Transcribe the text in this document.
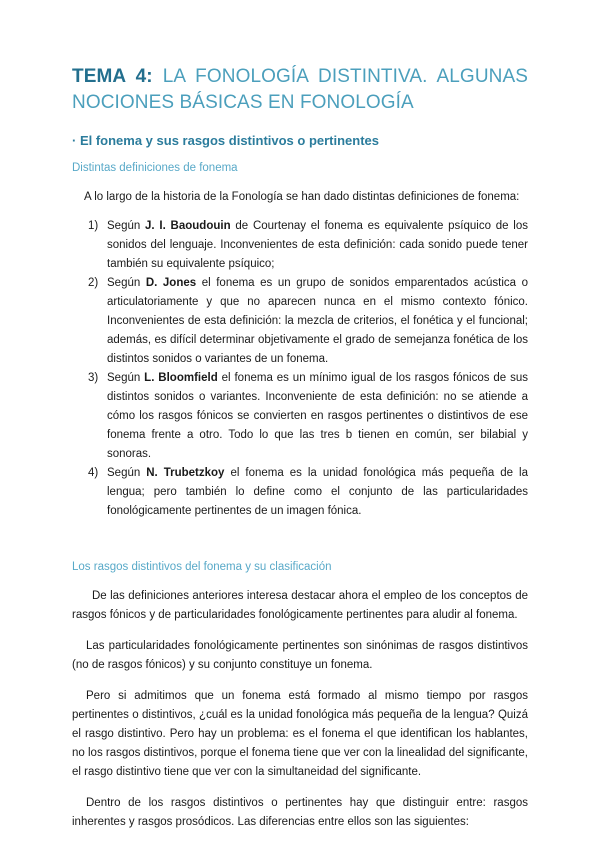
TEMA 4: LA FONOLOGÍA DISTINTIVA. ALGUNAS NOCIONES BÁSICAS EN FONOLOGÍA
· El fonema y sus rasgos distintivos o pertinentes
Distintas definiciones de fonema

A lo largo de la historia de la Fonología se han dado distintas definiciones de fonema:

1) Según J. I. Baoudouin de Courtenay el fonema es equivalente psíquico de los sonidos del lenguaje. Inconvenientes de esta definición: cada sonido puede tener también su equivalente psíquico;
2) Según D. Jones el fonema es un grupo de sonidos emparentados acústica o articulatoriamente y que no aparecen nunca en el mismo contexto fónico. Inconvenientes de esta definición: la mezcla de criterios, el fonética y el funcional; además, es difícil determinar objetivamente el grado de semejanza fonética de los distintos sonidos o variantes de un fonema.
3) Según L. Bloomfield el fonema es un mínimo igual de los rasgos fónicos de sus distintos sonidos o variantes. Inconveniente de esta definición: no se atiende a cómo los rasgos fónicos se convierten en rasgos pertinentes o distintivos de ese fonema frente a otro. Todo lo que las tres b tienen en común, ser bilabial y sonoras.
4) Según N. Trubetzkoy el fonema es la unidad fonológica más pequeña de la lengua; pero también lo define como el conjunto de las particularidades fonológicamente pertinentes de un imagen fónica.
Los rasgos distintivos del fonema y su clasificación

De las definiciones anteriores interesa destacar ahora el empleo de los conceptos de rasgos fónicos y de particularidades fonológicamente pertinentes para aludir al fonema.

Las particularidades fonológicamente pertinentes son sinónimas de rasgos distintivos (no de rasgos fónicos) y su conjunto constituye un fonema.

Pero si admitimos que un fonema está formado al mismo tiempo por rasgos pertinentes o distintivos, ¿cuál es la unidad fonológica más pequeña de la lengua? Quizá el rasgo distintivo. Pero hay un problema: es el fonema el que identifican los hablantes, no los rasgos distintivos, porque el fonema tiene que ver con la linealidad del significante, el rasgo distintivo tiene que ver con la simultaneidad del significante.

Dentro de los rasgos distintivos o pertinentes hay que distinguir entre: rasgos inherentes y rasgos prosódicos. Las diferencias entre ellos son las siguientes:
